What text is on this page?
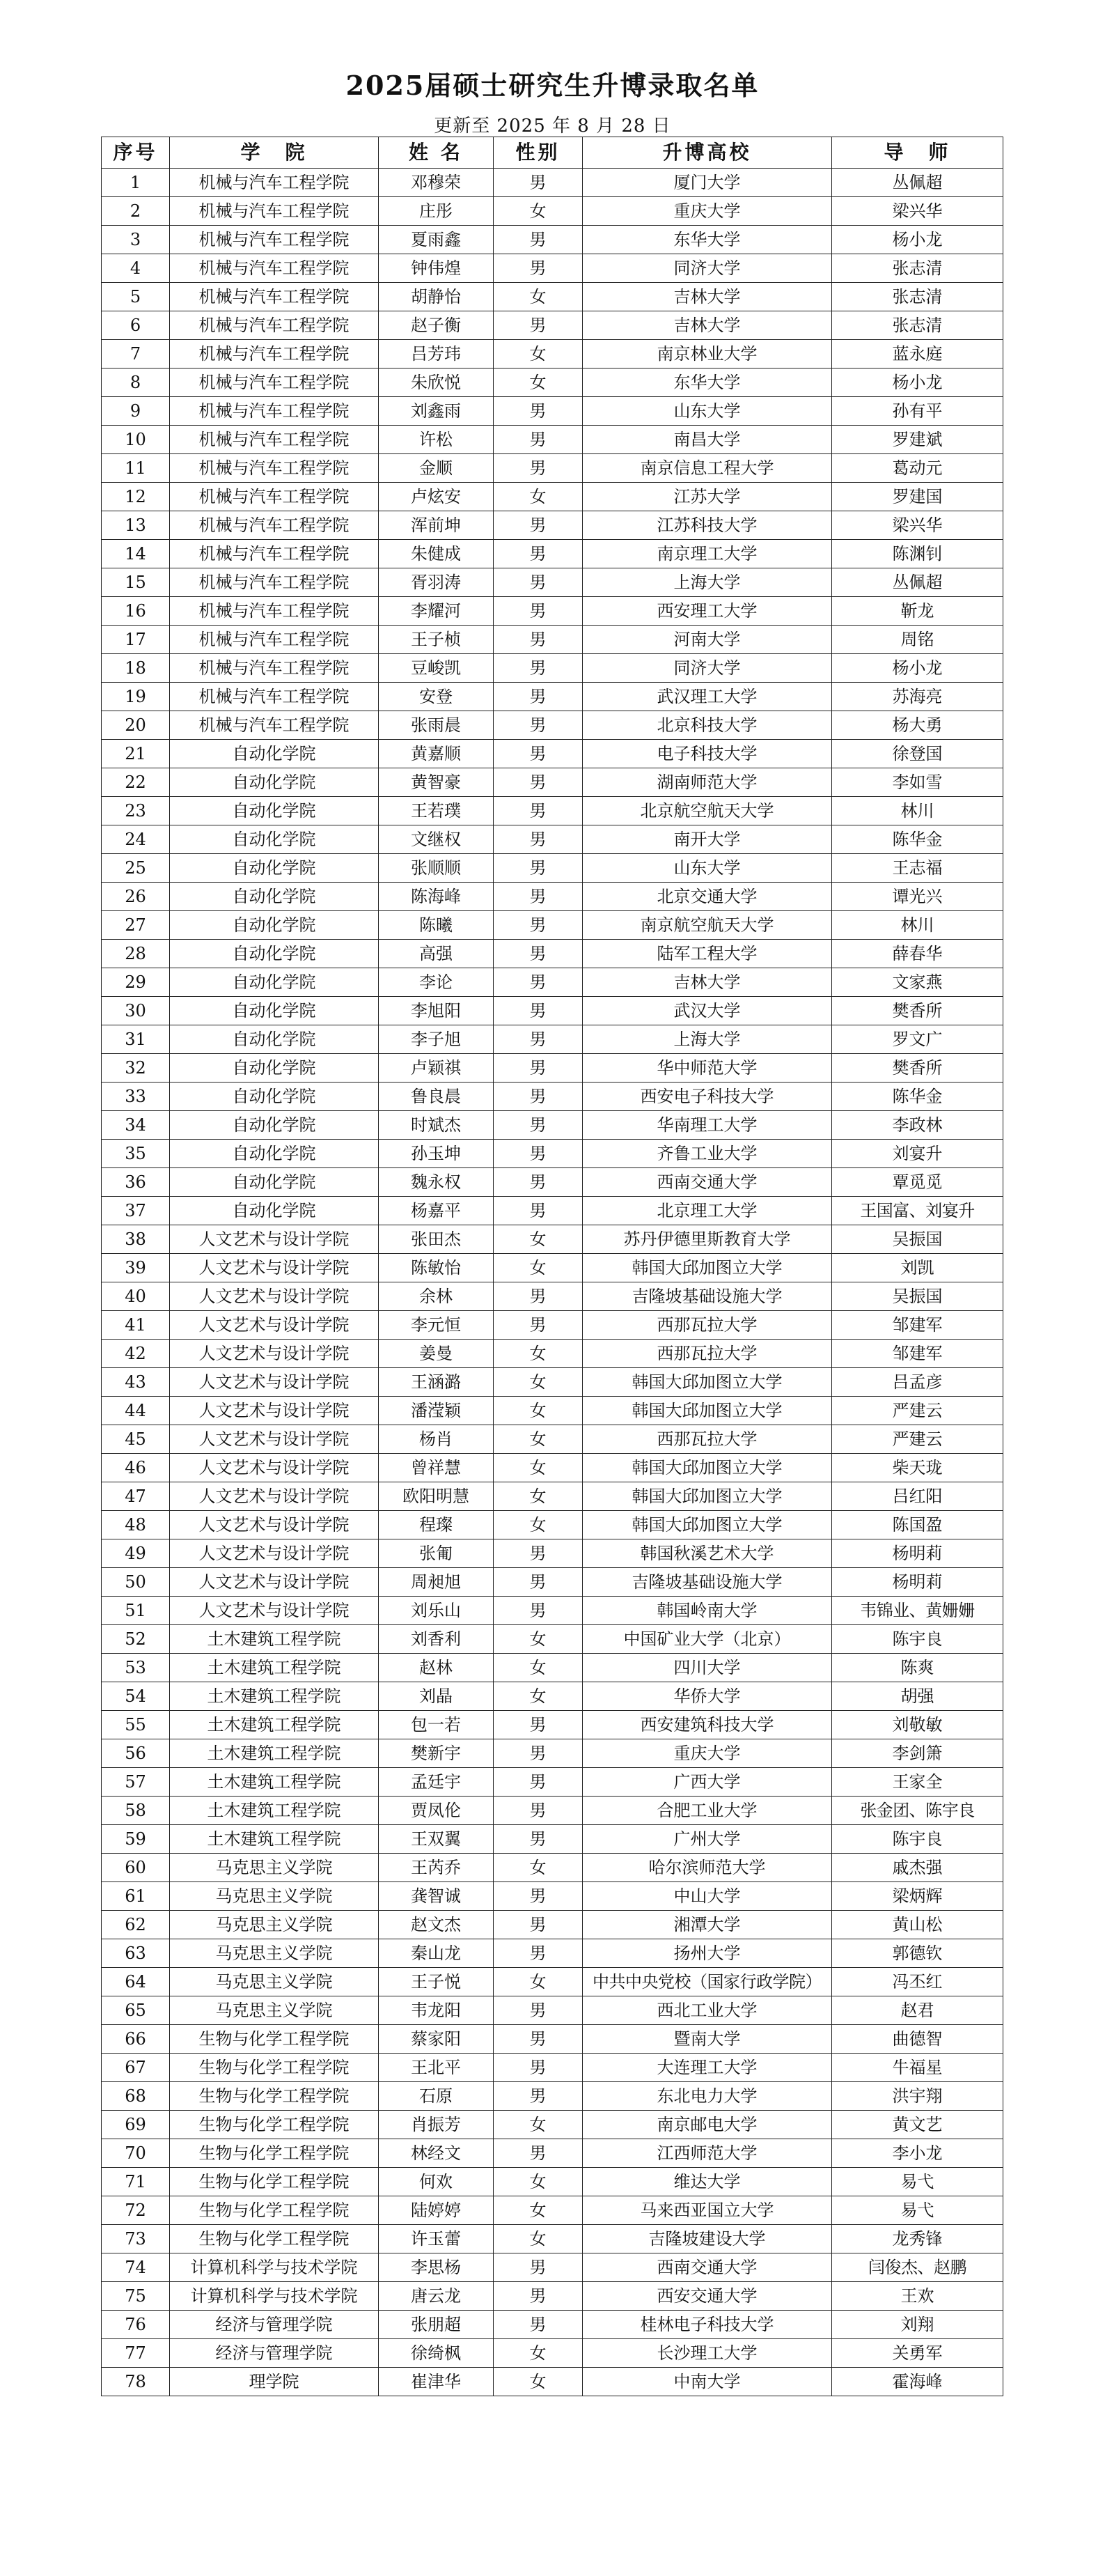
2025届硕士研究生升博录取名单
更新至 2025 年 8 月 28 日
序号	学　院	姓 名	性别	升博高校	导　师
1	机械与汽车工程学院	邓穆荣	男	厦门大学	丛佩超
2	机械与汽车工程学院	庄彤	女	重庆大学	梁兴华
3	机械与汽车工程学院	夏雨鑫	男	东华大学	杨小龙
4	机械与汽车工程学院	钟伟煌	男	同济大学	张志清
5	机械与汽车工程学院	胡静怡	女	吉林大学	张志清
6	机械与汽车工程学院	赵子衡	男	吉林大学	张志清
7	机械与汽车工程学院	吕芳玮	女	南京林业大学	蓝永庭
8	机械与汽车工程学院	朱欣悦	女	东华大学	杨小龙
9	机械与汽车工程学院	刘鑫雨	男	山东大学	孙有平
10	机械与汽车工程学院	许松	男	南昌大学	罗建斌
11	机械与汽车工程学院	金顺	男	南京信息工程大学	葛动元
12	机械与汽车工程学院	卢炫安	女	江苏大学	罗建国
13	机械与汽车工程学院	浑前坤	男	江苏科技大学	梁兴华
14	机械与汽车工程学院	朱健成	男	南京理工大学	陈渊钊
15	机械与汽车工程学院	胥羽涛	男	上海大学	丛佩超
16	机械与汽车工程学院	李耀河	男	西安理工大学	靳龙
17	机械与汽车工程学院	王子桢	男	河南大学	周铭
18	机械与汽车工程学院	豆峻凯	男	同济大学	杨小龙
19	机械与汽车工程学院	安登	男	武汉理工大学	苏海亮
20	机械与汽车工程学院	张雨晨	男	北京科技大学	杨大勇
21	自动化学院	黄嘉顺	男	电子科技大学	徐登国
22	自动化学院	黄智豪	男	湖南师范大学	李如雪
23	自动化学院	王若璞	男	北京航空航天大学	林川
24	自动化学院	文继权	男	南开大学	陈华金
25	自动化学院	张顺顺	男	山东大学	王志福
26	自动化学院	陈海峰	男	北京交通大学	谭光兴
27	自动化学院	陈曦	男	南京航空航天大学	林川
28	自动化学院	高强	男	陆军工程大学	薛春华
29	自动化学院	李论	男	吉林大学	文家燕
30	自动化学院	李旭阳	男	武汉大学	樊香所
31	自动化学院	李子旭	男	上海大学	罗文广
32	自动化学院	卢颖祺	男	华中师范大学	樊香所
33	自动化学院	鲁良晨	男	西安电子科技大学	陈华金
34	自动化学院	时斌杰	男	华南理工大学	李政林
35	自动化学院	孙玉坤	男	齐鲁工业大学	刘宴升
36	自动化学院	魏永权	男	西南交通大学	覃觅觅
37	自动化学院	杨嘉平	男	北京理工大学	王国富、刘宴升
38	人文艺术与设计学院	张田杰	女	苏丹伊德里斯教育大学	吴振国
39	人文艺术与设计学院	陈敏怡	女	韩国大邱加图立大学	刘凯
40	人文艺术与设计学院	余林	男	吉隆坡基础设施大学	吴振国
41	人文艺术与设计学院	李元恒	男	西那瓦拉大学	邹建军
42	人文艺术与设计学院	姜曼	女	西那瓦拉大学	邹建军
43	人文艺术与设计学院	王涵潞	女	韩国大邱加图立大学	吕孟彦
44	人文艺术与设计学院	潘滢颖	女	韩国大邱加图立大学	严建云
45	人文艺术与设计学院	杨肖	女	西那瓦拉大学	严建云
46	人文艺术与设计学院	曾祥慧	女	韩国大邱加图立大学	柴天珑
47	人文艺术与设计学院	欧阳明慧	女	韩国大邱加图立大学	吕红阳
48	人文艺术与设计学院	程璨	女	韩国大邱加图立大学	陈国盈
49	人文艺术与设计学院	张匍	男	韩国秋溪艺术大学	杨明莉
50	人文艺术与设计学院	周昶旭	男	吉隆坡基础设施大学	杨明莉
51	人文艺术与设计学院	刘乐山	男	韩国岭南大学	韦锦业、黄姗姗
52	土木建筑工程学院	刘香利	女	中国矿业大学（北京）	陈宇良
53	土木建筑工程学院	赵林	女	四川大学	陈爽
54	土木建筑工程学院	刘晶	女	华侨大学	胡强
55	土木建筑工程学院	包一若	男	西安建筑科技大学	刘敬敏
56	土木建筑工程学院	樊新宇	男	重庆大学	李剑箫
57	土木建筑工程学院	孟廷宇	男	广西大学	王家全
58	土木建筑工程学院	贾凤伦	男	合肥工业大学	张金团、陈宇良
59	土木建筑工程学院	王双翼	男	广州大学	陈宇良
60	马克思主义学院	王芮乔	女	哈尔滨师范大学	戚杰强
61	马克思主义学院	龚智诚	男	中山大学	梁炳辉
62	马克思主义学院	赵文杰	男	湘潭大学	黄山松
63	马克思主义学院	秦山龙	男	扬州大学	郭德钦
64	马克思主义学院	王子悦	女	中共中央党校（国家行政学院）	冯丕红
65	马克思主义学院	韦龙阳	男	西北工业大学	赵君
66	生物与化学工程学院	蔡家阳	男	暨南大学	曲德智
67	生物与化学工程学院	王北平	男	大连理工大学	牛福星
68	生物与化学工程学院	石原	男	东北电力大学	洪宇翔
69	生物与化学工程学院	肖振芳	女	南京邮电大学	黄文艺
70	生物与化学工程学院	林经文	男	江西师范大学	李小龙
71	生物与化学工程学院	何欢	女	维达大学	易弋
72	生物与化学工程学院	陆婷婷	女	马来西亚国立大学	易弋
73	生物与化学工程学院	许玉蕾	女	吉隆坡建设大学	龙秀锋
74	计算机科学与技术学院	李思杨	男	西南交通大学	闫俊杰、赵鹏
75	计算机科学与技术学院	唐云龙	男	西安交通大学	王欢
76	经济与管理学院	张朋超	男	桂林电子科技大学	刘翔
77	经济与管理学院	徐绮枫	女	长沙理工大学	关勇军
78	理学院	崔津华	女	中南大学	霍海峰
